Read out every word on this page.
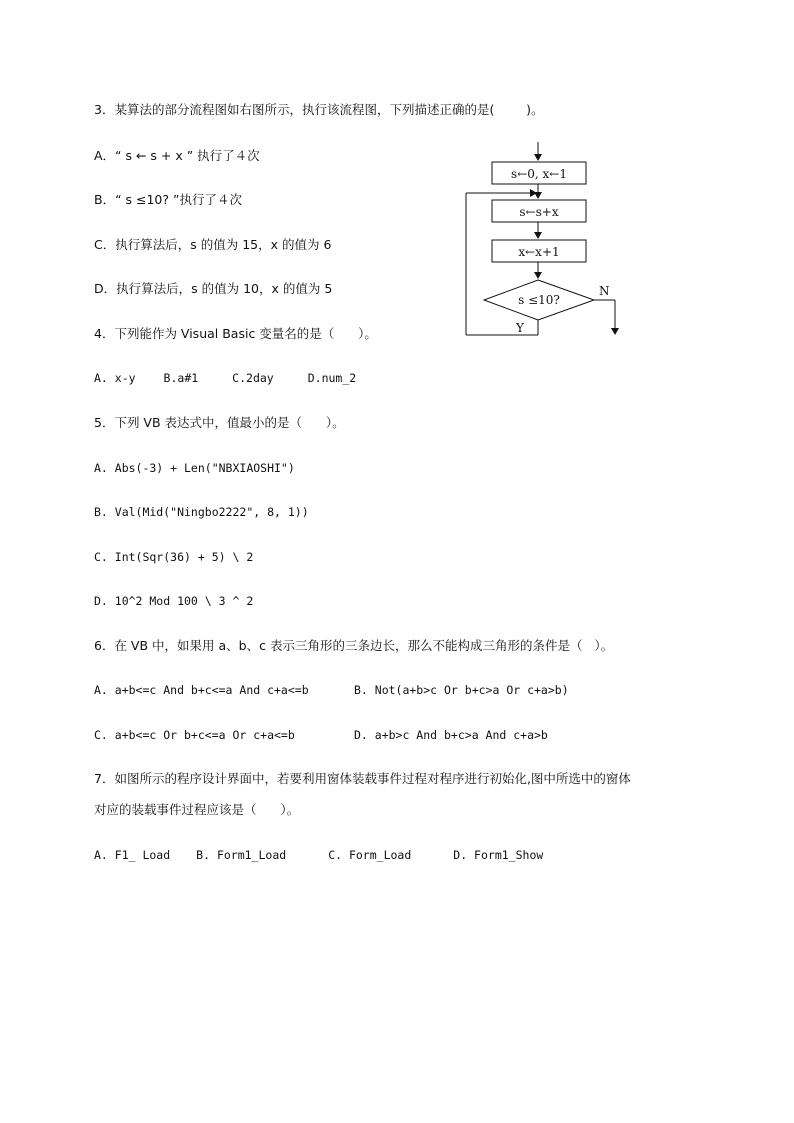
3．某算法的部分流程图如右图所示，执行该流程图，下列描述正确的是(        )。
A．“ s ← s + x ” 执行了４次
B．“ s ≤10? ”执行了４次
C．执行算法后，s 的值为 15，x 的值为 6
D．执行算法后，s 的值为 10，x 的值为 5
s←0, x←1
s←s+x
x←x+1
s ≤10?
N
Y
4．下列能作为 Visual Basic 变量名的是（      ）。
A. x-y B.a#1	C.2day	D.num_2
5．下列 VB 表达式中，值最小的是（      ）。
A. Abs(-3) + Len("NBXIAOSHI")
B. Val(Mid("Ningbo2222", 8, 1))
C. Int(Sqr(36) + 5) \ 2
D. 10^2 Mod 100 \ 3 ^ 2
6．在 VB 中，如果用 a、b、c 表示三角形的三条边长，那么不能构成三角形的条件是（   ）。
A. a+b<=c And b+c<=a And c+a<=b	B. Not(a+b>c Or b+c>a Or c+a>b)
C. a+b<=c Or b+c<=a Or c+a<=b	D. a+b>c And b+c>a And c+a>b
7．如图所示的程序设计界面中，若要利用窗体装载事件过程对程序进行初始化,图中所选中的窗体
对应的装载事件过程应该是（      ）。
A. F1_ Load B. Form1_Load	C. Form_Load	D. Form1_Show
